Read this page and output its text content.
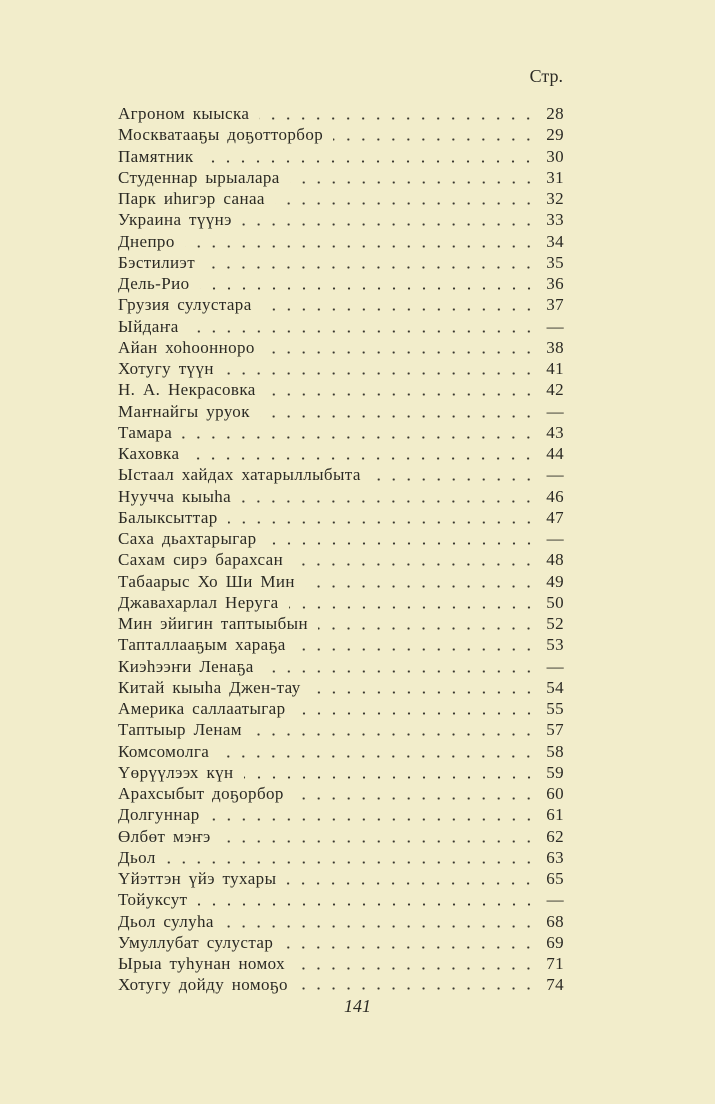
Стр.
Агроном кыыска	28
Москватааҕы доҕотторбор	29
Памятник	30
Студеннар ырыалара	31
Парк иһигэр санаа	32
Украина түүнэ	33
Днепро	34
Бэстилиэт	35
Дель-Рио	36
Грузия сулустара	37
Ыйдаҥа	—
Айан хоһоонноро	38
Хотугу түүн	41
Н. А. Некрасовка	42
Маҥнайгы уруок	—
Тамара	43
Каховка	44
Ыстаал хайдах хатарыллыбыта	—
Нуучча кыыһа	46
Балыксыттар	47
Саха дьахтарыгар	—
Сахам сирэ барахсан	48
Табаарыс Хо Ши Мин	49
Джавахарлал Неруга	50
Мин эйигин таптыыбын	52
Тапталлааҕым хараҕа	53
Киэһээҥи Ленаҕа	—
Китай кыыһа Джен-тау	54
Америка саллаатыгар	55
Таптыыр Ленам	57
Комсомолга	58
Үөрүүлээх күн	59
Арахсыбыт доҕорбор	60
Долгуннар	61
Өлбөт мэҥэ	62
Дьол	63
Үйэттэн үйэ тухары	65
Тойуксут	—
Дьол сулуһа	68
Умуллубат сулустар	69
Ырыа туһунан номох	71
Хотугу дойду номоҕо	74
141
